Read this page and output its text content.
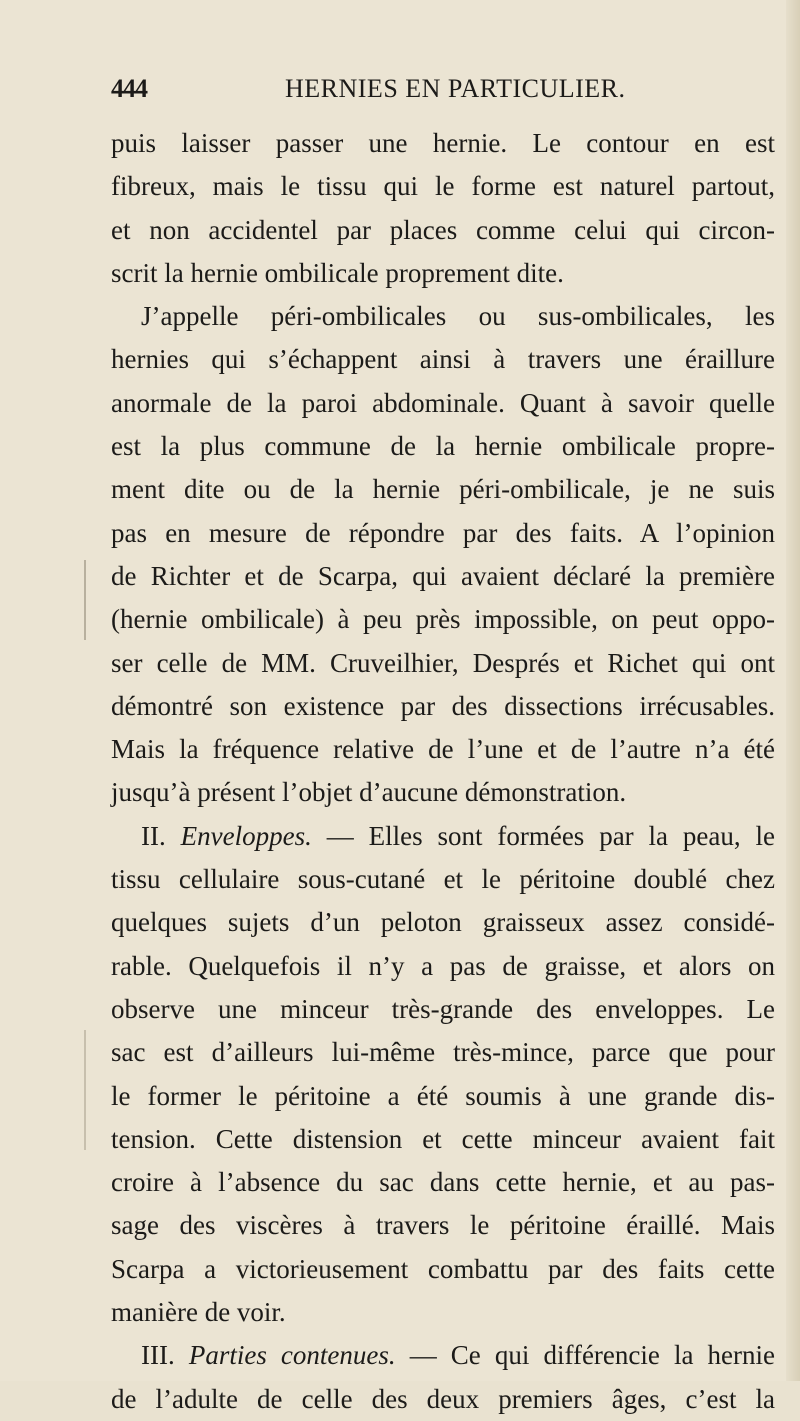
444	HERNIES EN PARTICULIER.
puis laisser passer une hernie. Le contour en est
fibreux, mais le tissu qui le forme est naturel partout,
et non accidentel par places comme celui qui circon-
scrit la hernie ombilicale proprement dite.
J’appelle péri-ombilicales ou sus-ombilicales, les
hernies qui s’échappent ainsi à travers une éraillure
anormale de la paroi abdominale. Quant à savoir quelle
est la plus commune de la hernie ombilicale propre-
ment dite ou de la hernie péri-ombilicale, je ne suis
pas en mesure de répondre par des faits. A l’opinion
de Richter et de Scarpa, qui avaient déclaré la première
(hernie ombilicale) à peu près impossible, on peut oppo-
ser celle de MM. Cruveilhier, Després et Richet qui ont
démontré son existence par des dissections irrécusables.
Mais la fréquence relative de l’une et de l’autre n’a été
jusqu’à présent l’objet d’aucune démonstration.
II. Enveloppes. — Elles sont formées par la peau, le
tissu cellulaire sous-cutané et le péritoine doublé chez
quelques sujets d’un peloton graisseux assez considé-
rable. Quelquefois il n’y a pas de graisse, et alors on
observe une minceur très-grande des enveloppes. Le
sac est d’ailleurs lui-même très-mince, parce que pour
le former le péritoine a été soumis à une grande dis-
tension. Cette distension et cette minceur avaient fait
croire à l’absence du sac dans cette hernie, et au pas-
sage des viscères à travers le péritoine éraillé. Mais
Scarpa a victorieusement combattu par des faits cette
manière de voir.
III. Parties contenues. — Ce qui différencie la hernie
de l’adulte de celle des deux premiers âges, c’est la
